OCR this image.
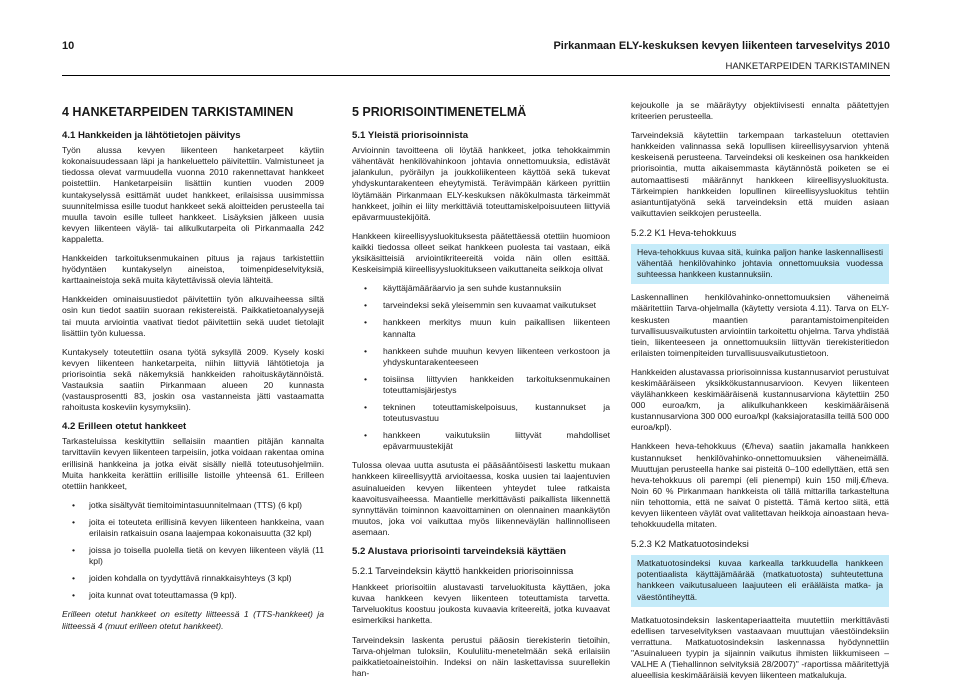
10	Pirkanmaan ELY-keskuksen kevyen liikenteen tarveselvitys 2010
HANKETARPEIDEN TARKISTAMINEN
4 HANKETARPEIDEN TARKISTAMINEN
4.1 Hankkeiden ja lähtötietojen päivitys

Työn alussa kevyen liikenteen hanketarpeet käytiin kokonaisuudessaan läpi ja hankeluettelo päivitettiin. Valmistuneet ja tiedossa olevat varmuudella vuonna 2010 rakennettavat hankkeet poistettiin. Hanketarpeisiin lisättiin kuntien vuoden 2009 kuntakyselyssä esittämät uudet hankkeet, erilaisissa uusimmissa suunnitelmissa esille tuodut hankkeet sekä aloitteiden perusteella tai muulla tavoin esille tulleet hankkeet. Lisäyksien jälkeen uusia kevyen liikenteen väylä- tai alikulkutarpeita oli Pirkanmaalla 242 kappaletta.

Hankkeiden tarkoituksenmukainen pituus ja rajaus tarkistettiin hyödyntäen kuntakyselyn aineistoa, toimenpideselvityksiä, karttaaineistoja sekä muita käytettävissä olevia lähteitä.

Hankkeiden ominaisuustiedot päivitettiin työn alkuvaiheessa siltä osin kun tiedot saatiin suoraan rekistereistä. Paikkatietoanalyysejä tai muuta arviointia vaativat tiedot päivitettiin sekä uudet tietolajit lisättiin työn kuluessa.

Kuntakysely toteutettiin osana työtä syksyllä 2009. Kysely koski kevyen liikenteen hanketarpeita, niihin liittyviä lähtötietoja ja priorisointia sekä näkemyksiä hankkeiden rahoituskäytännöistä. Vastauksia saatiin Pirkanmaan alueen 20 kunnasta (vastausprosentti 83, joskin osa vastanneista jätti vastaamatta rahoitusta koskeviin kysymyksiin).

4.2 Erilleen otetut hankkeet

Tarkasteluissa keskityttiin sellaisiin maantien pitäjän kannalta tarvittaviin kevyen liikenteen tarpeisiin, jotka voidaan rakentaa omina erillisinä hankkeina ja jotka eivät sisälly niellä toteutusohjelmiin. Muita hankkeita kerättiin erillisille listoille yhteensä 61. Erilleen otettiin hankkeet,

• jotka sisältyvät tiemitoimintasuunnitelmaan (TTS) (6 kpl)
• joita ei toteuteta erillisinä kevyen liikenteen hankkeina, vaan erilaisin ratkaisuin osana laajempaa kokonaisuutta (32 kpl)
• joissa jo toisella puolella tietä on kevyen liikenteen väylä (11 kpl)
• joiden kohdalla on tyydyttävä rinnakkaisyhteys (3 kpl)
• joita kunnat ovat toteuttamassa (9 kpl).

Erilleen otetut hankkeet on esitetty liitteessä 1 (TTS-hankkeet) ja liitteessä 4 (muut erilleen otetut hankkeet).

5 PRIORISOINTIMENETELMÄ
5.1 Yleistä priorisoinnista

Arvioinnin tavoitteena oli löytää hankkeet, jotka tehokkaimmin vähentävät henkilövahinkoon johtavia onnettomuuksia, edistävät jalankulun, pyöräilyn ja joukkoliikenteen käyttöä sekä tukevat yhdyskuntarakenteen eheytymistä. Terävimpään kärkeen pyrittiin löytämään Pirkanmaan ELY-keskuksen näkökulmasta tärkeimmät hankkeet, joihin ei liity merkittäviä toteuttamiskelpoisuuteen liittyviä epävarmuustekijöitä.

Hankkeen kiireellisyysluokituksesta päätettäessä otettiin huomioon kaikki tiedossa olleet seikat hankkeen puolesta tai vastaan, eikä yksikäsitteisiä arviointikriteereitä voida näin ollen esittää. Keskeisimpiä kiireellisyysluokitukseen vaikuttaneita seikkoja olivat

• käyttäjämääräarvio ja sen suhde kustannuksiin
• tarveindeksi sekä yleisemmin sen kuvaamat vaikutukset
• hankkeen merkitys muun kuin paikallisen liikenteen kannalta
• hankkeen suhde muuhun kevyen liikenteen verkostoon ja yhdyskuntarakenteeseen
• toisiinsa liittyvien hankkeiden tarkoituksenmukainen toteuttamisjärjestys
• tekninen toteuttamiskelpoisuus, kustannukset ja toteutusvastuu
• hankkeen vaikutuksiin liittyvät mahdolliset epävarmuustekijät

Tulossa olevaa uutta asutusta ei pääsääntöisesti laskettu mukaan hankkeen kiireellisyyttä arvioitaessa, koska uusien tai laajentuvien asuinalueiden kevyen liikenteen yhteydet tulee ratkaista kaavoitusvaiheessa. Maantielle merkittävästi paikallista liikennettä synnyttävän toiminnon kaavoittaminen on olennainen maankäytön muutos, joka voi vaikuttaa myös liikenneväylän hallinnolliseen asemaan.

5.2 Alustava priorisointi tarveindeksiä käyttäen
5.2.1 Tarveindeksin käyttö hankkeiden priorisoinnissa

Hankkeet priorisoitiin alustavasti tarveluokitusta käyttäen, joka kuvaa hankkeen kevyen liikenteen toteuttamista tarvetta. Tarveluokitus koostuu joukosta kuvaavia kriteereitä, jotka kuvaavat esimerkiksi hanketta.

Tarveindeksin laskenta perustui pääosin tierekisterin tietoihin, Tarva-ohjelman tuloksiin, Koululiitu-menetelmään sekä erilaisiin paikkatietoaineistoihin. Indeksi on näin laskettavissa suurellekin han-

kejoukolle ja se määräytyy objektiivisesti ennalta päätettyjen kriteerien perusteella.

Tarveindeksiä käytettiin tarkempaan tarkasteluun otettavien hankkeiden valinnassa sekä lopullisen kiireellisyysarvion yhtenä keskeisenä perusteena. Tarveindeksi oli keskeinen osa hankkeiden priorisointia, mutta aikaisemmasta käytännöstä poiketen se ei automaattisesti määrännyt hankkeen kiireellisyysluokitusta. Tärkeimpien hankkeiden lopullinen kiireellisyysluokitus tehtiin asiantuntijatyönä sekä tarveindeksin että muiden asiaan vaikuttavien seikkojen perusteella.

5.2.2 K1 Heva-tehokkuus
Heva-tehokkuus kuvaa sitä, kuinka paljon hanke laskennallisesti vähentää henkilövahinko johtavia onnettomuuksia vuodessa suhteessa hankkeen kustannuksiin.

Laskennallinen henkilövahinko-onnettomuuksien väheneimä määritettiin Tarva-ohjelmalla (käytetty versiota 4.11). Tarva on ELY-keskusten maantien parantamistoimenpiteiden turvallisuusvaikutusten arviointiin tarkoitettu ohjelma. Tarva yhdistää tiein, liikenteeseen ja onnettomuuksiin liittyvän tierekisteritiedon erilaisten toimenpiteiden turvallisuusvaikutustietoon.

Hankkeiden alustavassa priorisoinnissa kustannusarviot perustuivat keskimääräiseen yksikkökustannusarvioon. Kevyen liikenteen väylähankkeen keskimääräisenä kustannusarviona käytettiin 250 000 euroa/km, ja alikulkuhankkeen keskimääräisenä kustannusarviona 300 000 euroa/kpl (kaksiajoratasilla teillä 500 000 euroa/kpl).

Hankkeen heva-tehokkuus (€/heva) saatiin jakamalla hankkeen kustannukset henkilövahinko-onnettomuuksien väheneimällä. Muuttujan perusteella hanke sai pisteitä 0–100 edellyttäen, että sen heva-tehokkuus oli parempi (eli pienempi) kuin 150 milj.€/heva. Noin 60 % Pirkanmaan hankkeista oli tällä mittarilla tarkasteltuna niin tehottomia, että ne saivat 0 pistettä. Tämä kertoo siitä, että kevyen liikenteen väylät ovat valitettavan heikkoja ainoastaan heva-tehokkuudella mitaten.

5.2.3 K2 Matkatuotosindeksi
Matkatuotosindeksi kuvaa karkealla tarkkuudella hankkeen potentiaalista käyttäjämäärää (matkatuotosta) suhteutettuna hankkeen vaikutusalueen laajuuteen eli erääläista matka- ja väestöntiheyttä.

Matkatuotosindeksin laskentaperiaatteita muutettiin merkittävästi edellisen tarveselvityksen vastaavaan muuttujan väestöindeksiin verrattuna. Matkatuotosindeksin laskennassa hyödynnettiin "Asuinalueen tyypin ja sijainnin vaikutus ihmisten liikkumiseen – VALHE A (Tiehallinnon selvityksiä 28/2007)" -raportissa määritettyjä alueellisia keskimääräisiä kevyen liikenteen matkalukuja.
